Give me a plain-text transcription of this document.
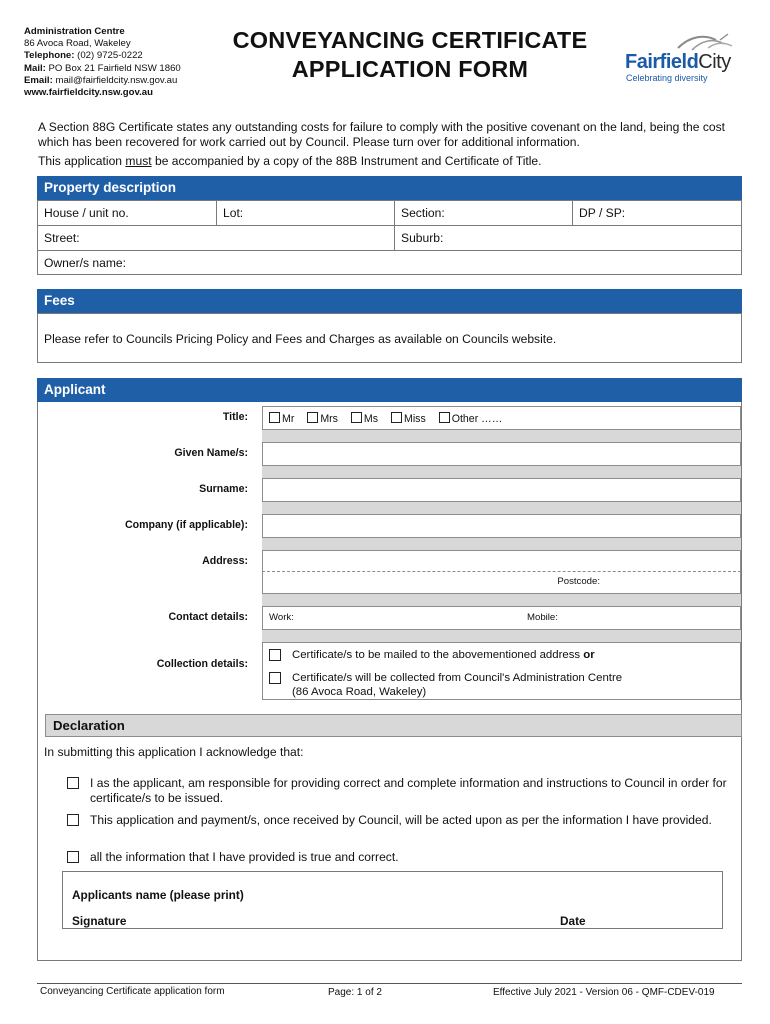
Administration Centre
86 Avoca Road, Wakeley
Telephone: (02) 9725-0222
Mail: PO Box 21 Fairfield NSW 1860
Email: mail@fairfieldcity.nsw.gov.au
www.fairfieldcity.nsw.gov.au
CONVEYANCING CERTIFICATE
APPLICATION FORM	FairfieldCity
Celebrating diversity
A Section 88G Certificate states any outstanding costs for failure to comply with the positive covenant on the land, being the cost which has been recovered for work carried out by Council. Please turn over for additional information.
This application must be accompanied by a copy of the 88B Instrument and Certificate of Title.
Property description
House / unit no.	Lot:	Section:	DP / SP:
Street:	Suburb:
Owner/s name:
Fees
Please refer to Councils Pricing Policy and Fees and Charges as available on Councils website.
Applicant
Title:	Mr Mrs Ms Miss Other ……
Given Name/s:
Surname:
Company (if applicable):
Address:
Postcode:
Contact details:	Work:	Mobile:
Collection details:
Certificate/s to be mailed to the abovementioned address or
Certificate/s will be collected from Council's Administration Centre
(86 Avoca Road, Wakeley)
Declaration
In submitting this application I acknowledge that:
I as the applicant, am responsible for providing correct and complete information and instructions to Council in order for certificate/s to be issued.
This application and payment/s, once received by Council, will be acted upon as per the information I have provided.
all the information that I have provided is true and correct.
Applicants name (please print)
Signature	Date
Conveyancing Certificate application form	Page: 1 of 2	Effective July 2021 - Version 06 - QMF-CDEV-019
